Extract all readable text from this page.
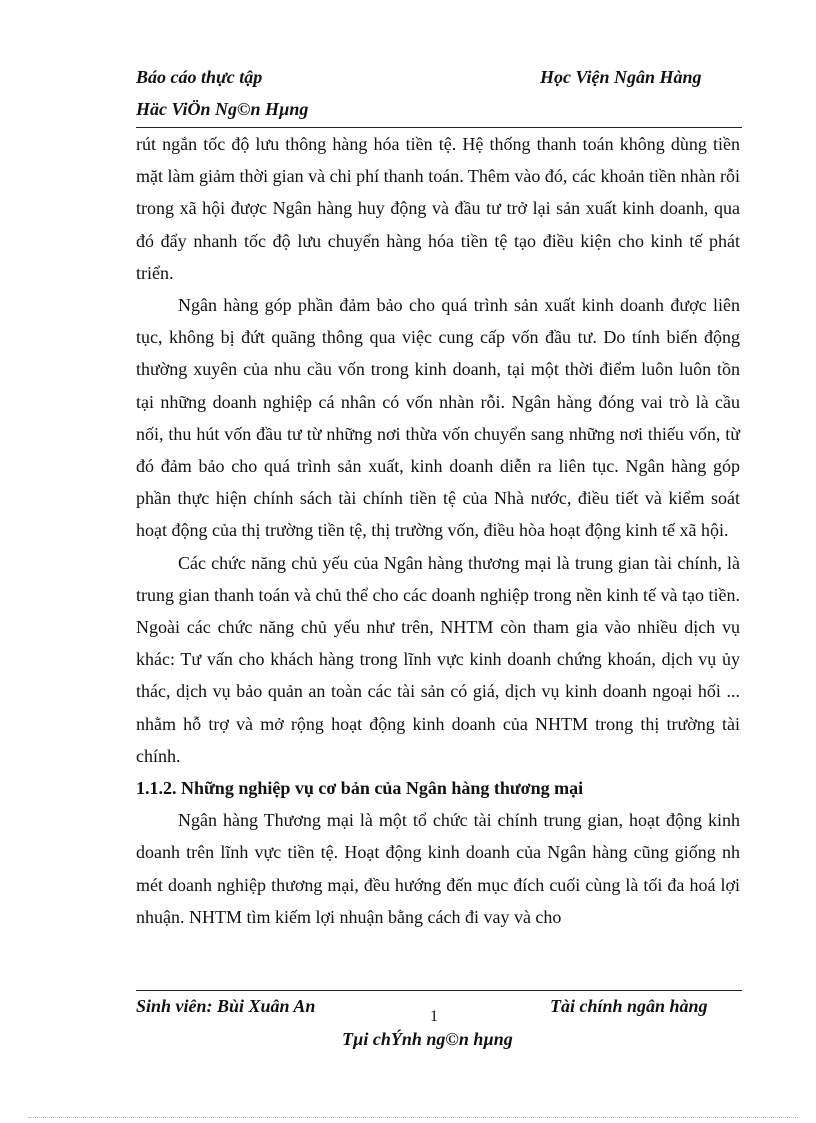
Báo cáo thực tập	Học Viện Ngân Hàng
Häc ViÖn Ng©n Hµng

rút ngắn tốc độ lưu thông hàng hóa tiền tệ. Hệ thống thanh toán không dùng tiền mặt làm giảm thời gian và chi phí thanh toán. Thêm vào đó, các khoản tiền nhàn rỗi trong xã hội được Ngân hàng huy động và đầu tư trở lại sản xuất kinh doanh, qua đó đẩy nhanh tốc độ lưu chuyển hàng hóa tiền tệ tạo điều kiện cho kinh tế phát triển.

Ngân hàng góp phần đảm bảo cho quá trình sản xuất kinh doanh được liên tục, không bị đứt quãng thông qua việc cung cấp vốn đầu tư. Do tính biến động thường xuyên của nhu cầu vốn trong kinh doanh, tại một thời điểm luôn luôn tồn tại những doanh nghiệp cá nhân có vốn nhàn rỗi. Ngân hàng đóng vai trò là cầu nối, thu hút vốn đầu tư từ những nơi thừa vốn chuyển sang những nơi thiếu vốn, từ đó đảm bảo cho quá trình sản xuất, kinh doanh diễn ra liên tục. Ngân hàng góp phần thực hiện chính sách tài chính tiền tệ của Nhà nước, điều tiết và kiểm soát hoạt động của thị trường tiền tệ, thị trường vốn, điều hòa hoạt động kinh tế xã hội.

Các chức năng chủ yếu của Ngân hàng thương mại là trung gian tài chính, là trung gian thanh toán và chủ thể cho các doanh nghiệp trong nền kinh tế và tạo tiền. Ngoài các chức năng chủ yếu như trên, NHTM còn tham gia vào nhiều dịch vụ khác: Tư vấn cho khách hàng trong lĩnh vực kinh doanh chứng khoán, dịch vụ ủy thác, dịch vụ bảo quản an toàn các tài sản có giá, dịch vụ kinh doanh ngoại hối ... nhằm hỗ trợ và mở rộng hoạt động kinh doanh của NHTM trong thị trường tài chính.

1.1.2. Những nghiệp vụ cơ bản của Ngân hàng thương mại

Ngân hàng Thương mại là một tổ chức tài chính trung gian, hoạt động kinh doanh trên lĩnh vực tiền tệ. Hoạt động kinh doanh của Ngân hàng cũng giống nh mét doanh nghiệp thương mại, đều hướng đến mục đích cuối cùng là tối đa hoá lợi nhuận. NHTM tìm kiếm lợi nhuận bằng cách đi vay và cho

Sinh viên: Bùi Xuân An
1
Tài chính ngân hàng
Tµi chÝnh ng©n hµng
